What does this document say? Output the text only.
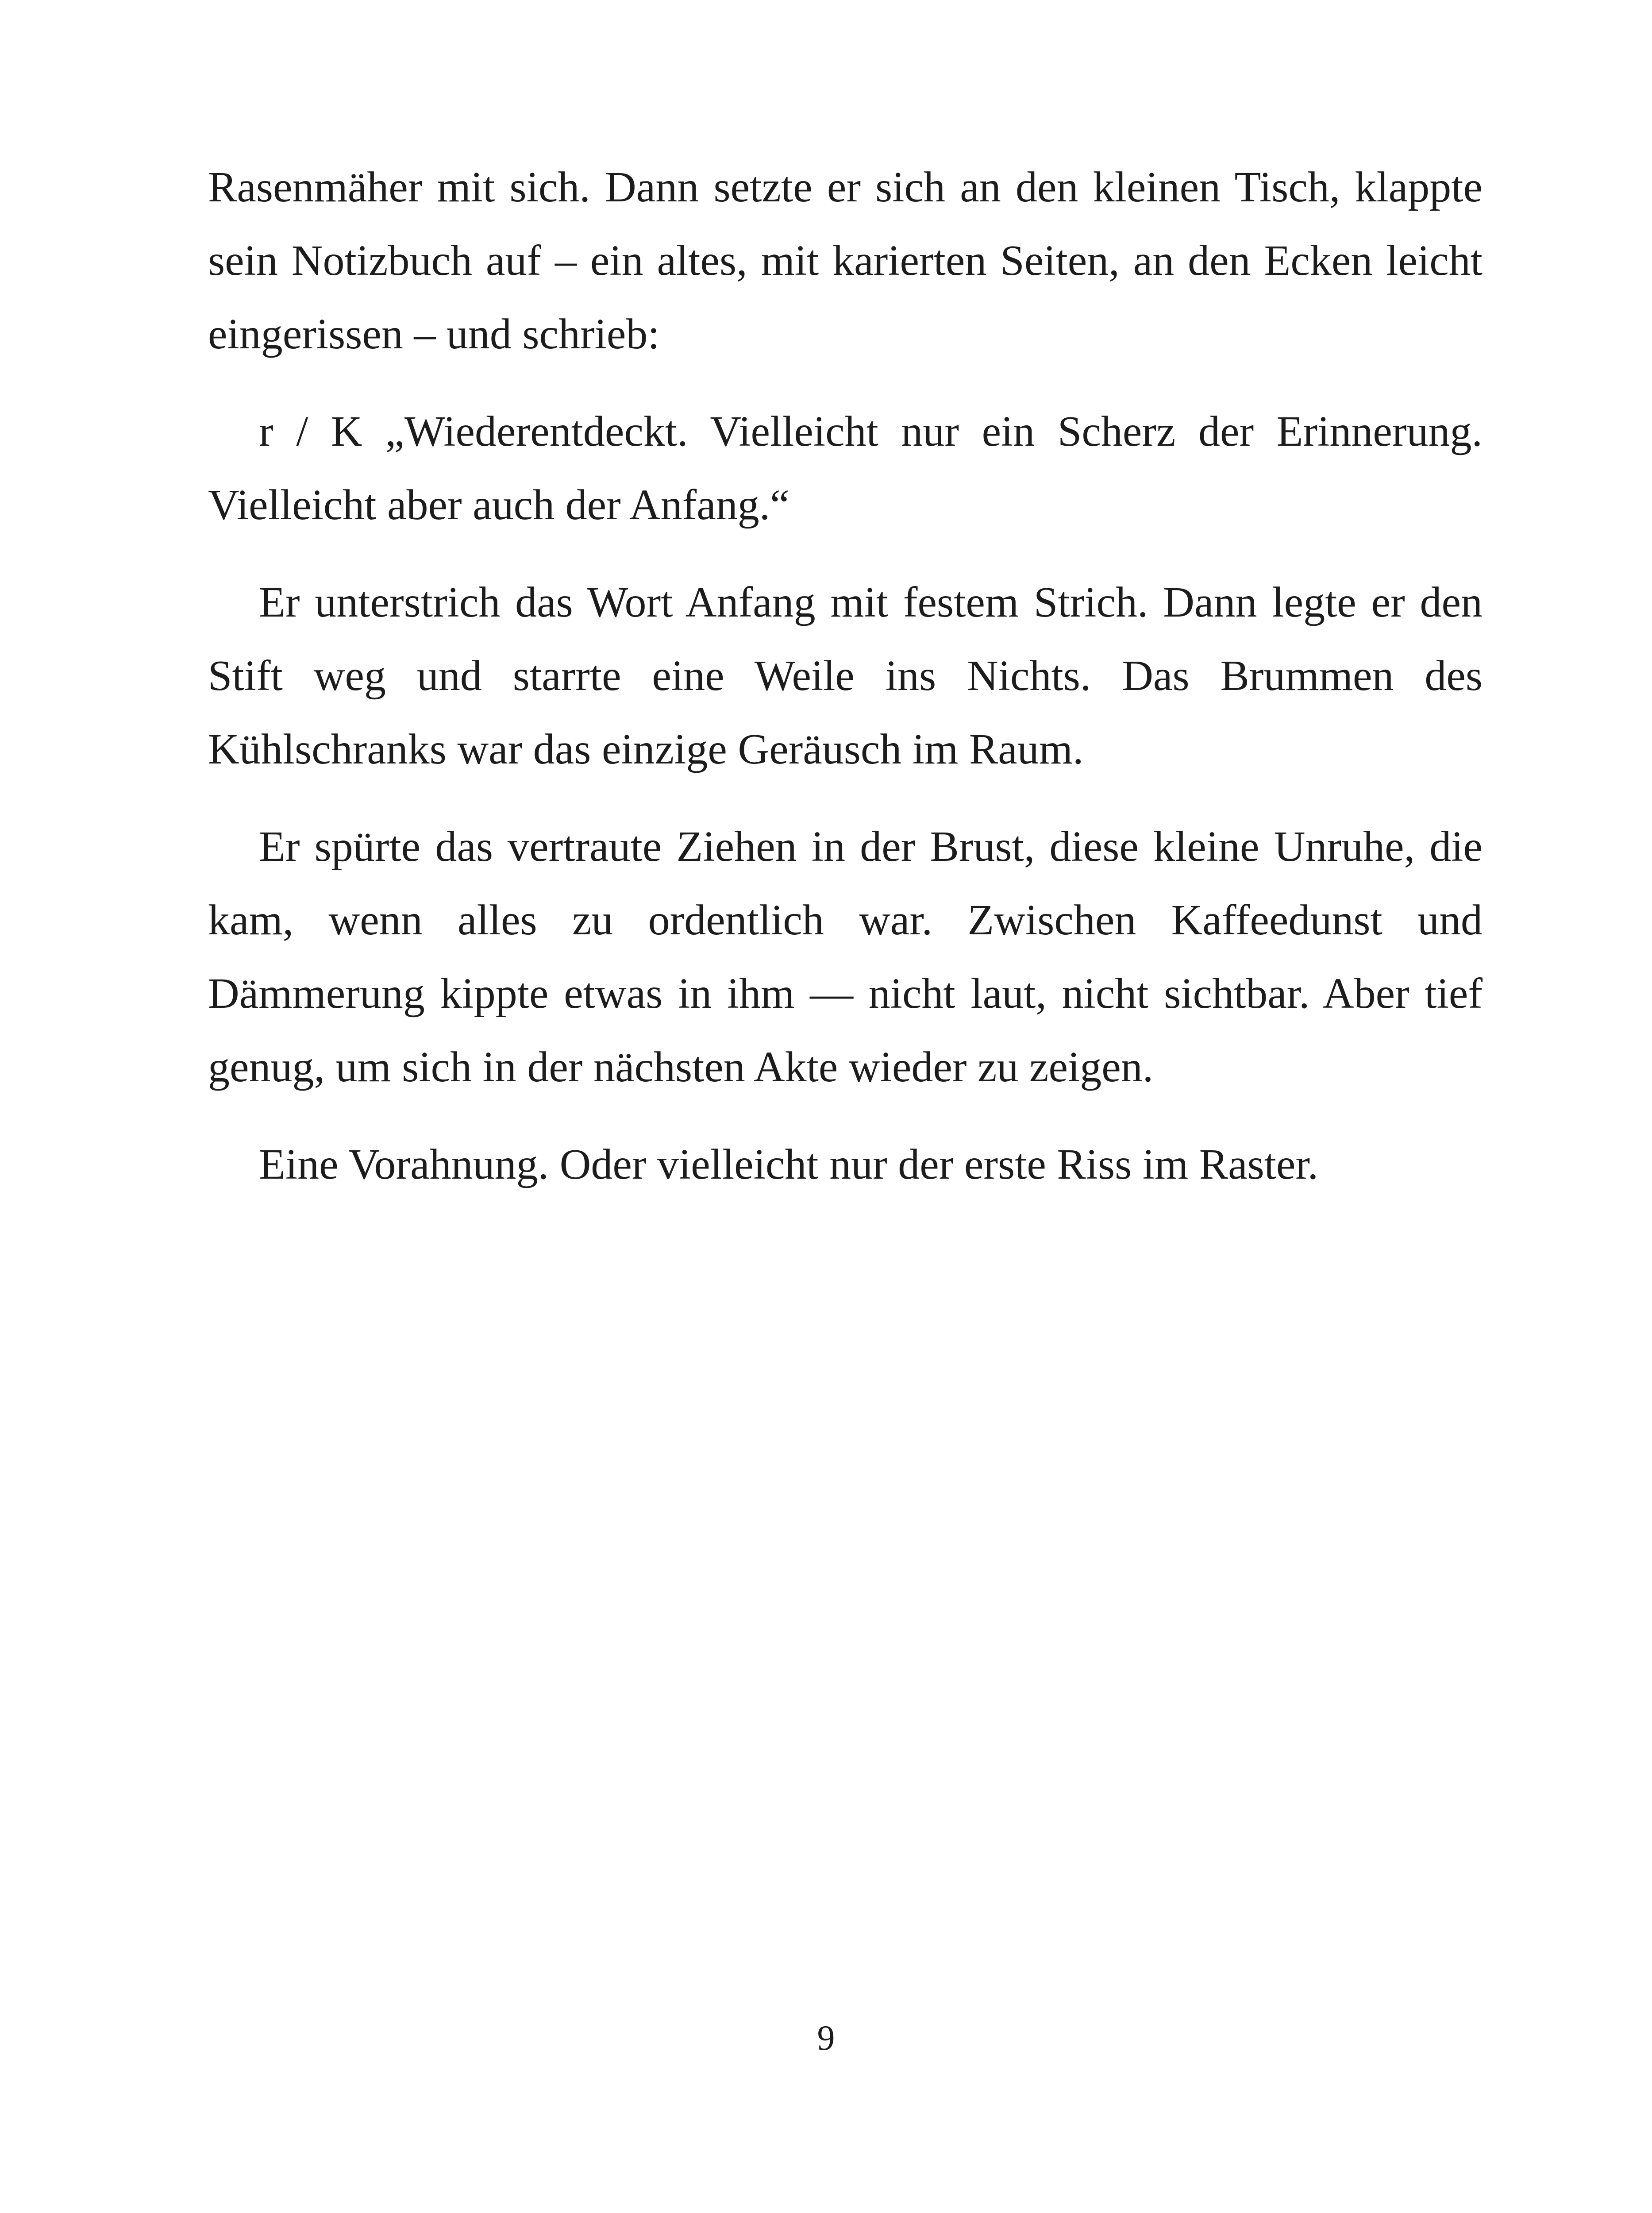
Rasenmäher mit sich. Dann setzte er sich an den kleinen Tisch, klappte sein Notizbuch auf – ein altes, mit karierten Seiten, an den Ecken leicht eingerissen – und schrieb:

r / K „Wiederentdeckt. Vielleicht nur ein Scherz der Erinnerung. Vielleicht aber auch der Anfang.“

Er unterstrich das Wort Anfang mit festem Strich. Dann legte er den Stift weg und starrte eine Weile ins Nichts. Das Brummen des Kühlschranks war das einzige Geräusch im Raum.

Er spürte das vertraute Ziehen in der Brust, diese kleine Unruhe, die kam, wenn alles zu ordentlich war. Zwischen Kaffeedunst und Dämmerung kippte etwas in ihm — nicht laut, nicht sichtbar. Aber tief genug, um sich in der nächsten Akte wieder zu zeigen.

Eine Vorahnung. Oder vielleicht nur der erste Riss im Raster.

9
